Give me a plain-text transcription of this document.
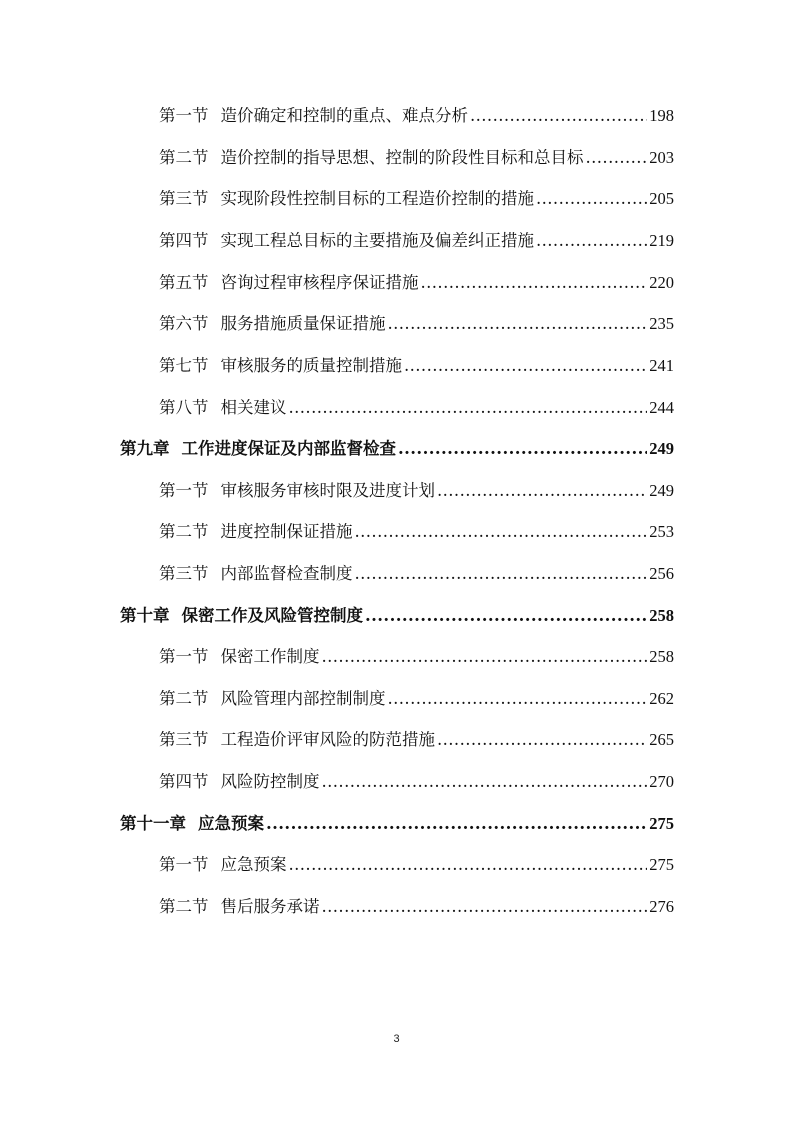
第一节 造价确定和控制的重点、难点分析 .....	198
第二节 造价控制的指导思想、控制的阶段性目标和总目标 .....	203
第三节 实现阶段性控制目标的工程造价控制的措施 .....	205
第四节 实现工程总目标的主要措施及偏差纠正措施 .....	219
第五节 咨询过程审核程序保证措施 .....	220
第六节 服务措施质量保证措施 .....	235
第七节 审核服务的质量控制措施 .....	241
第八节 相关建议 .....	244
第九章 工作进度保证及内部监督检查 .....	249
第一节 审核服务审核时限及进度计划 .....	249
第二节 进度控制保证措施 .....	253
第三节 内部监督检查制度 .....	256
第十章 保密工作及风险管控制度 .....	258
第一节 保密工作制度 .....	258
第二节 风险管理内部控制制度 .....	262
第三节 工程造价评审风险的防范措施 .....	265
第四节 风险防控制度 .....	270
第十一章 应急预案 .....	275
第一节 应急预案 .....	275
第二节 售后服务承诺 .....	276
3
